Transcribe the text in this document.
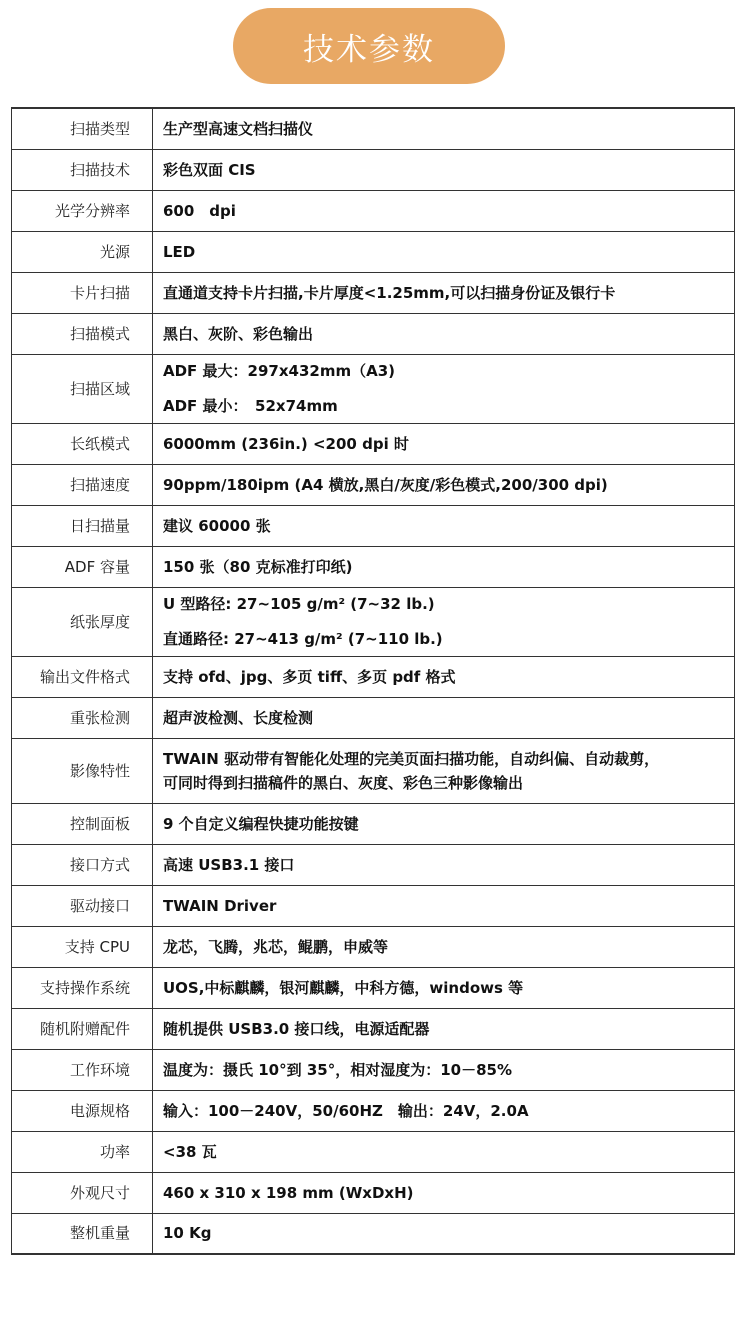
技术参数
扫描类型	生产型高速文档扫描仪

扫描技术	彩色双面 CIS

光学分辨率	600　dpi

光源	LED

卡片扫描	直通道支持卡片扫描,卡片厚度<1.25mm,可以扫描身份证及银行卡

扫描模式	黑白、灰阶、彩色输出

扫描区域	ADF 最大：297x432mm（A3)
ADF 最小：　52x74mm

长纸模式	6000mm (236in.) <200 dpi 时

扫描速度	90ppm/180ipm (A4 横放,黑白/灰度/彩色模式,200/300 dpi)

日扫描量	建议 60000 张

ADF 容量	150 张（80 克标准打印纸)

纸张厚度	U 型路径: 27~105 g/m² (7~32 lb.)
直通路径: 27~413 g/m² (7~110 lb.)

输出文件格式	支持 ofd、jpg、多页 tiff、多页 pdf 格式

重张检测	超声波检测、长度检测

影像特性	TWAIN 驱动带有智能化处理的完美页面扫描功能，自动纠偏、自动裁剪，
可同时得到扫描稿件的黑白、灰度、彩色三种影像输出

控制面板	9 个自定义编程快捷功能按键

接口方式	高速 USB3.1 接口

驱动接口	TWAIN Driver

支持 CPU	龙芯，飞腾，兆芯，鲲鹏，申威等

支持操作系统	UOS,中标麒麟，银河麒麟，中科方德，windows 等

随机附赠配件	随机提供 USB3.0 接口线，电源适配器

工作环境	温度为：摄氏 10°到 35°，相对湿度为：10－85%

电源规格	输入：100－240V，50/60HZ　输出：24V，2.0A

功率	<38 瓦

外观尺寸	460 x 310 x 198 mm (WxDxH)

整机重量	10 Kg
